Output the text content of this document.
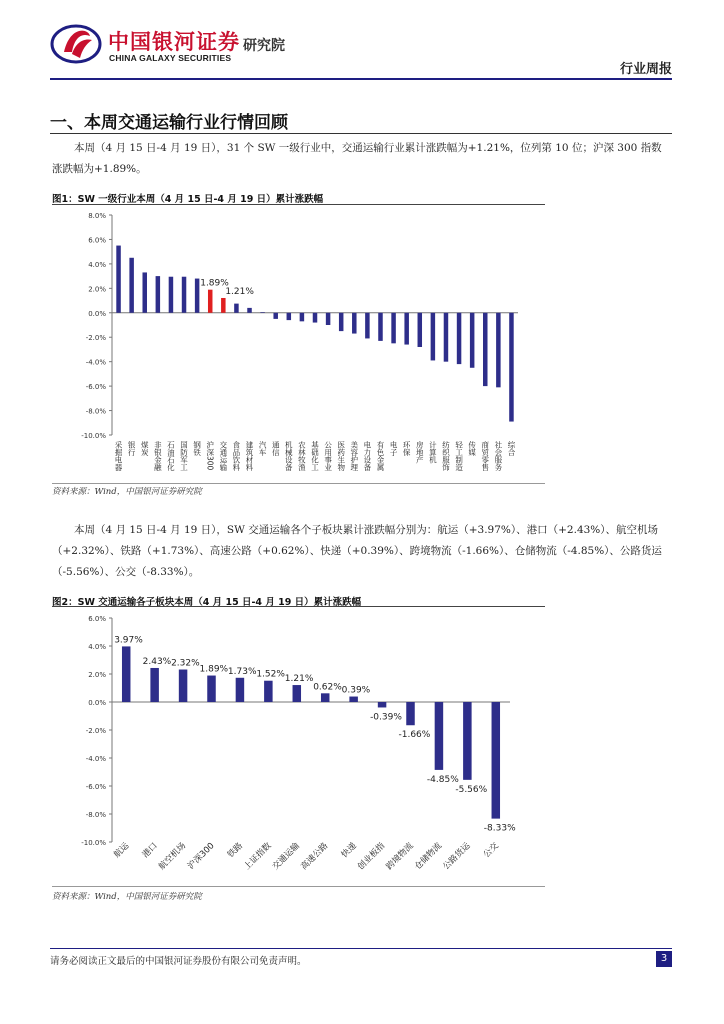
中国银河证券
CHINA GALAXY SECURITIES
研究院
行业周报
一、本周交通运输行业行情回顾
本周（4 月 15 日-4 月 19 日），31 个 SW 一级行业中，交通运输行业累计涨跌幅为+1.21%，位列第 10 位；沪深 300 指数涨跌幅为+1.89%。
图1：SW 一级行业本周（4 月 15 日-4 月 19 日）累计涨跌幅
8.0%
6.0%
4.0%
2.0%
0.0%
-2.0%
-4.0%
-6.0%
-8.0%
-10.0%
采掘电器 银行 煤炭 非银金融 石油石化 国防军工 钢铁
1.89%
沪深300
1.21%
交通运输 食品饮料 建筑材料 汽车 通信 机械设备 农林牧渔 基础化工 公用事业 医药生物 美容护理 电力设备 有色金属 电子 环保 房地产 计算机 纺织服饰 轻工制造 传媒 商贸零售 社会服务 综合
资料来源：Wind，中国银河证券研究院
本周（4 月 15 日-4 月 19 日），SW 交通运输各个子板块累计涨跌幅分别为：航运（+3.97%）、港口（+2.43%）、航空机场（+2.32%）、铁路（+1.73%）、高速公路（+0.62%）、快递（+0.39%）、跨境物流（-1.66%）、仓储物流（-4.85%）、公路货运（-5.56%）、公交（-8.33%）。
图2：SW 交通运输各子板块本周（4 月 15 日-4 月 19 日）累计涨跌幅
6.0%
4.0%
2.0%
0.0%
-2.0%
-4.0%
-6.0%
-8.0%
-10.0%
3.97%
航运
2.43%
港口
2.32%
航空机场
1.89%
沪深300
1.73%
铁路
1.52%
上证指数
1.21%
交通运输
0.62%
高速公路
0.39%
快递
-0.39%
创业板指
-1.66%
跨境物流
-4.85%
仓储物流
-5.56%
公路货运
-8.33%
公交
资料来源：Wind，中国银河证券研究院
请务必阅读正文最后的中国银河证券股份有限公司免责声明。	3
